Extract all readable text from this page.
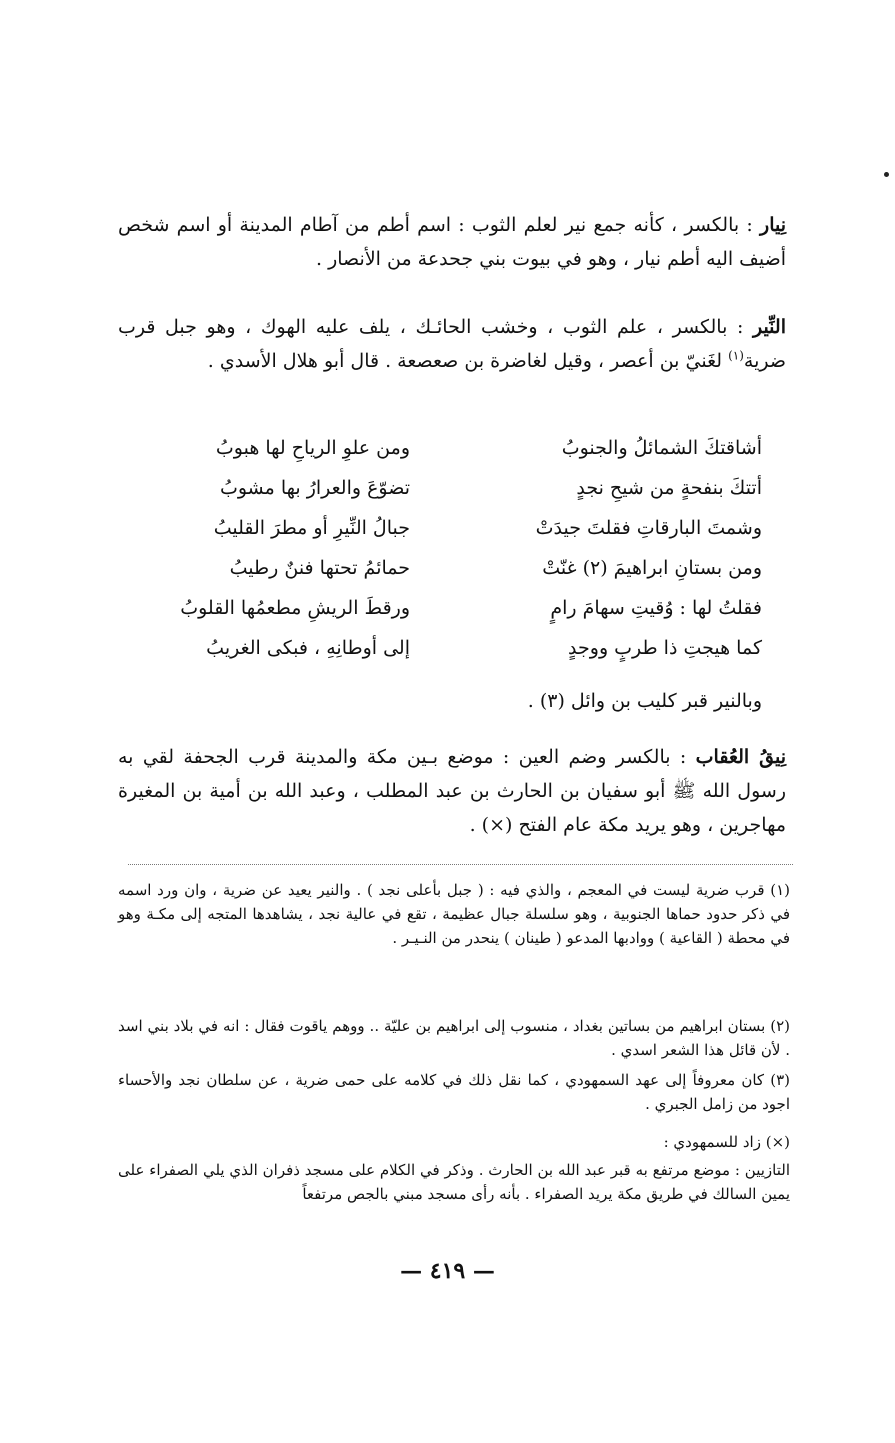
نِيار : بالكسر ، كأنه جمع نير لعلم الثوب : اسم أطم من آطام المدينة أو اسم شخص أضيف اليه أطم نيار ، وهو في بيوت بني جحدعة من الأنصار .

النِّير : بالكسر ، علم الثوب ، وخشب الحائـك ، يلف عليه الهوك ، وهو جبل قرب ضرية$^{(١)}$ لغَنيّ بن أعصر ، وقيل لغاضرة بن صعصعة . قال أبو هلال الأسدي .

أشاقتكَ الشمائلُ والجنوبُ
ومن علوِ الرياحِ لها هبوبُ
أتتكَ بنفحةٍ من شيحِ نجدٍ
تضوّعَ والعرارُ بها مشوبُ
وشمتَ البارقاتِ فقلتَ جيدَتْ
جبالُ النِّيرِ أو مطرَ القليبُ
ومن بستانِ ابراهيمَ (٢) غنّتْ
حمائمُ تحتها فننٌ رطيبُ
فقلتُ لها : وُقيتِ سهامَ رامٍ
ورقطَ الريشِ مطعمُها القلوبُ
كما هيجتِ ذا طربٍ ووجدٍ
إلى أوطانِهِ ، فبكى الغريبُ
وبالنير قبر كليب بن وائل (٣) .

نِيقُ العُقاب : بالكسر وضم العين : موضع بـين مكة والمدينة قرب الجحفة لقي به رسول الله ﷺ أبو سفيان بن الحارث بن عبد المطلب ، وعبد الله بن أمية بن المغيرة مهاجرين ، وهو يريد مكة عام الفتح (×) .

(١) قرب ضرية ليست في المعجم ، والذي فيه : ( جبل بأعلى نجد ) . والنير يعيد عن ضرية ، وان ورد اسمه في ذكر حدود حماها الجنوبية ، وهو سلسلة جبال عظيمة ، تقع في عالية نجد ، يشاهدها المتجه إلى مكـة وهو في محطة ( القاعية ) ووادبها المدعو ( طينان ) ينحدر من النـيـر .

(٢) بستان ابراهيم من بساتين بغداد ، منسوب إلى ابراهيم بن عليّة .. ووهم ياقوت فقال : انه في بلاد بني اسد . لأن قائل هذا الشعر اسدي .

(٣) كان معروفاً إلى عهد السمهودي ، كما نقل ذلك في كلامه على حمى ضرية ، عن سلطان نجد والأحساء اجود من زامل الجبري .

(×) زاد للسمهودي :

التازيين : موضع مرتفع به قبر عبد الله بن الحارث . وذكر في الكلام على مسجد ذفران الذي يلي الصفراء على يمين السالك في طريق مكة يريد الصفراء . بأنه رأى مسجد مبني بالجص مرتفعاً

— ٤١٩ —
